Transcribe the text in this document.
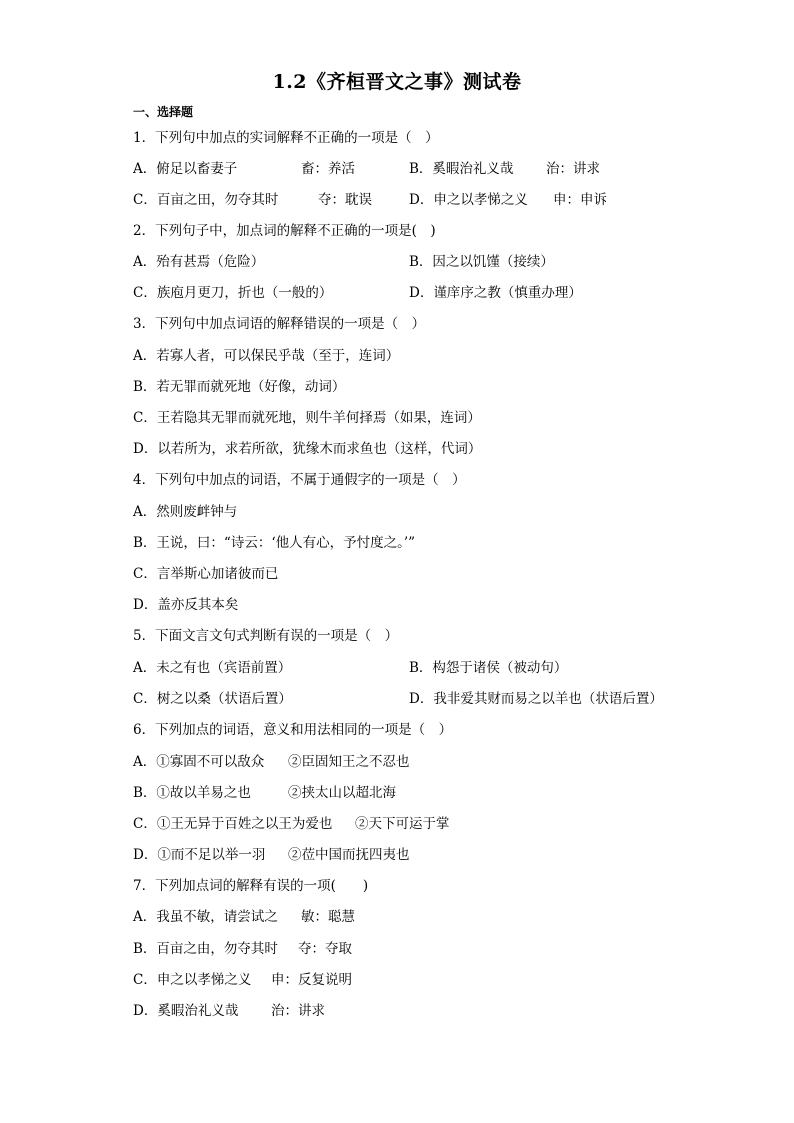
1.2《齐桓晋文之事》测试卷
一、选择题
1．下列句中加点的实词解释不正确的一项是（　）
A．俯足以畜妻子	畜：养活	B．奚暇治礼义哉 治：讲求
C．百亩之田，勿夺其时	夺：耽误	D．申之以孝悌之义 申：申诉
2．下列句子中，加点词的解释不正确的一项是(　)
A．殆有甚焉（危险）	B．因之以饥馑（接续）
C．族庖月更刀，折也（一般的）	D．谨庠序之教（慎重办理）
3．下列句中加点词语的解释错误的一项是（　）
A．若寡人者，可以保民乎哉（至于，连词）
B．若无罪而就死地（好像，动词）
C．王若隐其无罪而就死地，则牛羊何择焉（如果，连词）
D．以若所为，求若所欲，犹缘木而求鱼也（这样，代词）
4．下列句中加点的词语，不属于通假字的一项是（　）
A．然则废衅钟与
B．王说，曰：“诗云：‘他人有心，予忖度之。’”
C．言举斯心加诸彼而已
D．盖亦反其本矣
5．下面文言文句式判断有误的一项是（　）
A．未之有也（宾语前置）	B．构怨于诸侯（被动句）
C．树之以桑（状语后置）	D．我非爱其财而易之以羊也（状语后置）
6．下列加点的词语，意义和用法相同的一项是（　）
A．①寡固不可以敌众 ②臣固知王之不忍也
B．①故以羊易之也	②挟太山以超北海
C．①王无异于百姓之以王为爱也 ②天下可运于掌
D．①而不足以举一羽 ②莅中国而抚四夷也
7．下列加点词的解释有误的一项(　　)
A．我虽不敏，请尝试之 敏：聪慧
B．百亩之由，勿夺其时 夺：夺取
C．申之以孝悌之义 申：反复说明
D．奚暇治礼义哉 治：讲求
